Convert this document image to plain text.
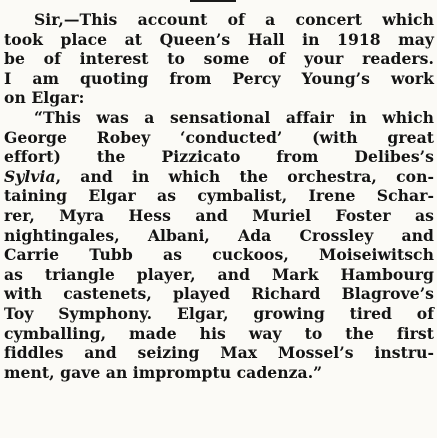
Sir,—This account of a concert which
took place at Queen’s Hall in 1918 may
be of interest to some of your readers.
I am quoting from Percy Young’s work
on Elgar:
“This was a sensational affair in which
George Robey ‘conducted’ (with great
effort) the Pizzicato from Delibes’s
Sylvia, and in which the orchestra, con-
taining Elgar as cymbalist, Irene Schar-
rer, Myra Hess and Muriel Foster as
nightingales, Albani, Ada Crossley and
Carrie Tubb as cuckoos, Moiseiwitsch
as triangle player, and Mark Hambourg
with castenets, played Richard Blagrove’s
Toy Symphony. Elgar, growing tired of
cymballing, made his way to the first
fiddles and seizing Max Mossel’s instru-
ment, gave an impromptu cadenza.”
